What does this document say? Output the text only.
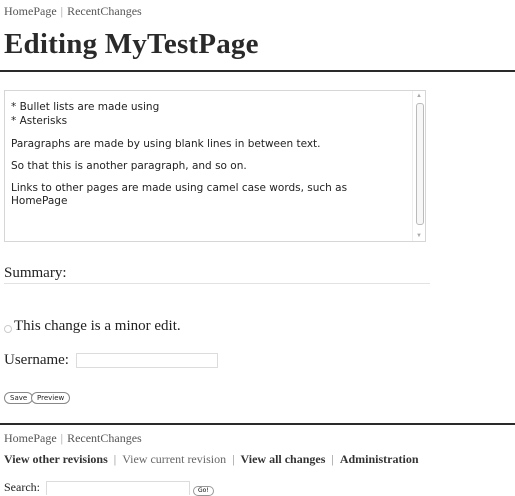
HomePage | RecentChanges
Editing MyTestPage

* Bullet lists are made using
* Asterisks

Paragraphs are made by using blank lines in between text.

So that this is another paragraph, and so on.

Links to other pages are made using camel case words, such as HomePage

▲
▼
Summary:
This change is a minor edit.
Username:
Save	Preview
HomePage | RecentChanges
View other revisions | View current revision | View all changes | Administration
Search:	Go!
